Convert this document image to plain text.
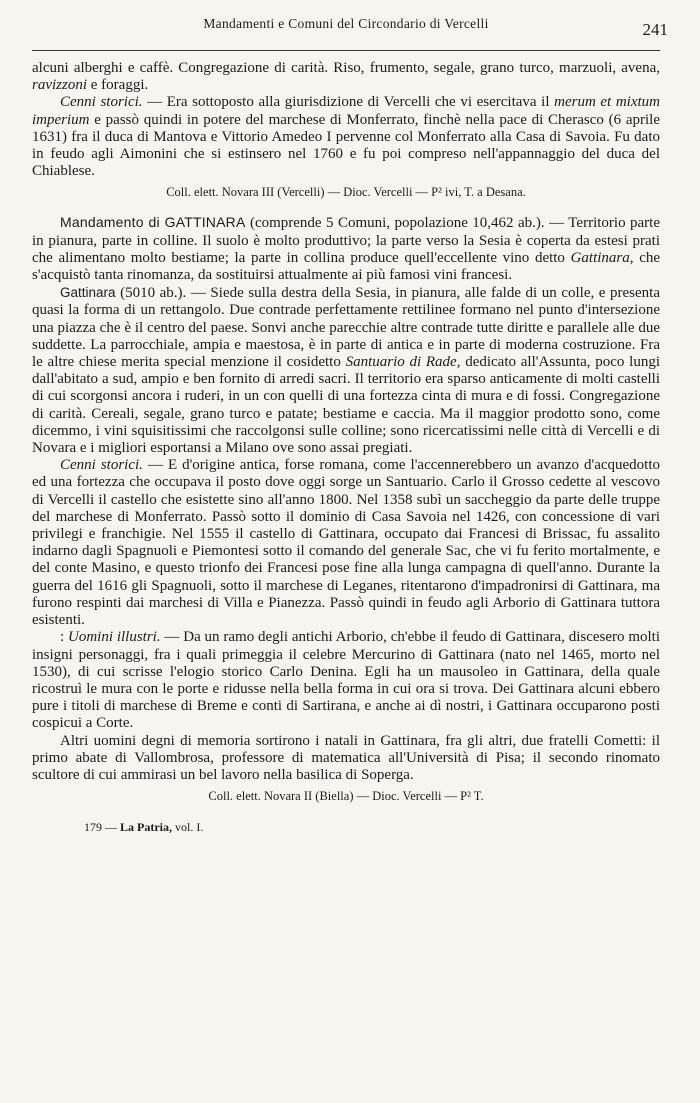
Mandamenti e Comuni del Circondario di Vercelli	241

alcuni alberghi e caffè. Congregazione di carità. Riso, frumento, segale, grano turco, marzuoli, avena, ravizzoni e foraggi.

Cenni storici. — Era sottoposto alla giurisdizione di Vercelli che vi esercitava il merum et mixtum imperium e passò quindi in potere del marchese di Monferrato, finchè nella pace di Cherasco (6 aprile 1631) fra il duca di Mantova e Vittorio Amedeo I pervenne col Monferrato alla Casa di Savoia. Fu dato in feudo agli Aimonini che si estinsero nel 1760 e fu poi compreso nell'appannaggio del duca del Chiablese.

Coll. elett. Novara III (Vercelli) — Dioc. Vercelli — P² ivi, T. a Desana.

Mandamento di GATTINARA (comprende 5 Comuni, popolazione 10,462 ab.). — Territorio parte in pianura, parte in colline. Il suolo è molto produttivo; la parte verso la Sesia è coperta da estesi prati che alimentano molto bestiame; la parte in collina produce quell'eccellente vino detto Gattinara, che s'acquistò tanta rinomanza, da sostituirsi attualmente ai più famosi vini francesi.

Gattinara (5010 ab.). — Siede sulla destra della Sesia, in pianura, alle falde di un colle, e presenta quasi la forma di un rettangolo. Due contrade perfettamente rettilinee formano nel punto d'intersezione una piazza che è il centro del paese. Sonvi anche parecchie altre contrade tutte diritte e parallele alle due suddette. La parrocchiale, ampia e maestosa, è in parte di antica e in parte di moderna costruzione. Fra le altre chiese merita special menzione il cosidetto Santuario di Rade, dedicato all'Assunta, poco lungi dall'abitato a sud, ampio e ben fornito di arredi sacri. Il territorio era sparso anticamente di molti castelli di cui scorgonsi ancora i ruderi, in un con quelli di una fortezza cinta di mura e di fossi. Congregazione di carità. Cereali, segale, grano turco e patate; bestiame e caccia. Ma il maggior prodotto sono, come dicemmo, i vini squisitissimi che raccolgonsi sulle colline; sono ricercatissimi nelle città di Vercelli e di Novara e i migliori esportansi a Milano ove sono assai pregiati.

Cenni storici. — E d'origine antica, forse romana, come l'accennerebbero un avanzo d'acquedotto ed una fortezza che occupava il posto dove oggi sorge un Santuario. Carlo il Grosso cedette al vescovo di Vercelli il castello che esistette sino all'anno 1800. Nel 1358 subì un saccheggio da parte delle truppe del marchese di Monferrato. Passò sotto il dominio di Casa Savoia nel 1426, con concessione di vari privilegi e franchigie. Nel 1555 il castello di Gattinara, occupato dai Francesi di Brissac, fu assalito indarno dagli Spagnuoli e Piemontesi sotto il comando del generale Sac, che vi fu ferito mortalmente, e del conte Masino, e questo trionfo dei Francesi pose fine alla lunga campagna di quell'anno. Durante la guerra del 1616 gli Spagnuoli, sotto il marchese di Leganes, ritentarono d'impadronirsi di Gattinara, ma furono respinti dai marchesi di Villa e Pianezza. Passò quindi in feudo agli Arborio di Gattinara tuttora esistenti.

: Uomini illustri. — Da un ramo degli antichi Arborio, ch'ebbe il feudo di Gattinara, discesero molti insigni personaggi, fra i quali primeggia il celebre Mercurino di Gattinara (nato nel 1465, morto nel 1530), di cui scrisse l'elogio storico Carlo Denina. Egli ha un mausoleo in Gattinara, della quale ricostruì le mura con le porte e ridusse nella bella forma in cui ora si trova. Dei Gattinara alcuni ebbero pure i titoli di marchese di Breme e conti di Sartirana, e anche ai dì nostri, i Gattinara occuparono posti cospicui a Corte.

Altri uomini degni di memoria sortirono i natali in Gattinara, fra gli altri, due fratelli Cometti: il primo abate di Vallombrosa, professore di matematica all'Università di Pisa; il secondo rinomato scultore di cui ammirasi un bel lavoro nella basilica di Soperga.

Coll. elett. Novara II (Biella) — Dioc. Vercelli — P² T.

179 — La Patria, vol. I.
